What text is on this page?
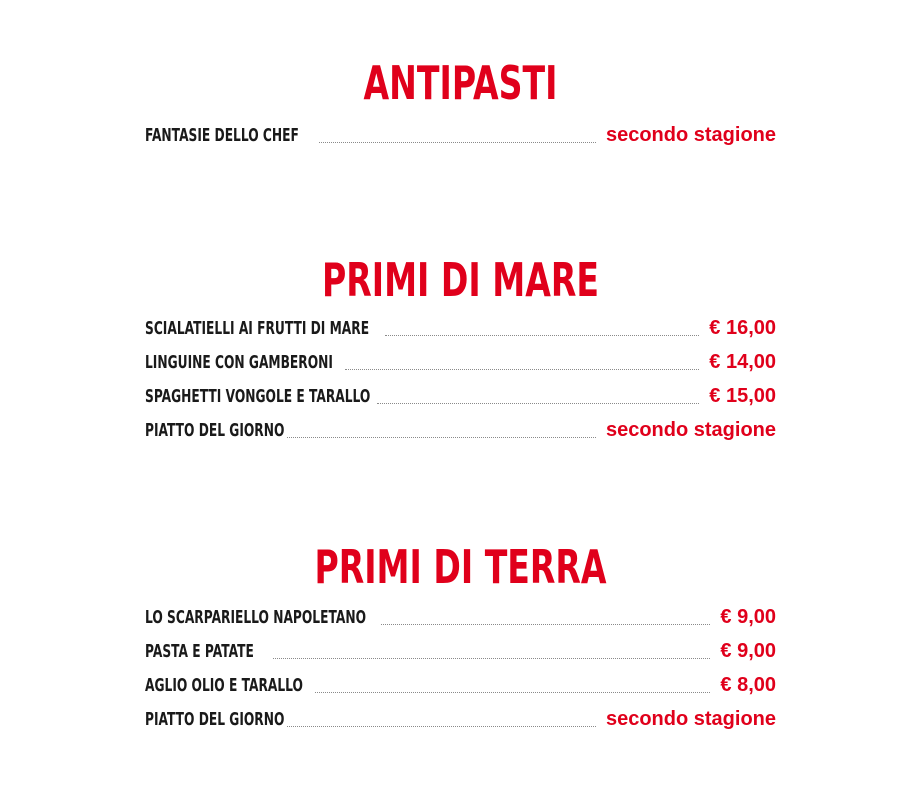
ANTIPASTI
FANTASIE DELLO CHEF	secondo stagione
PRIMI DI MARE
SCIALATIELLI AI FRUTTI DI MARE	€ 16,00
LINGUINE CON GAMBERONI	€ 14,00
SPAGHETTI VONGOLE E TARALLO	€ 15,00
PIATTO DEL GIORNO	secondo stagione
PRIMI DI TERRA
LO SCARPARIELLO NAPOLETANO	€ 9,00
PASTA E PATATE	€ 9,00
AGLIO OLIO E TARALLO	€ 8,00
PIATTO DEL GIORNO	secondo stagione
